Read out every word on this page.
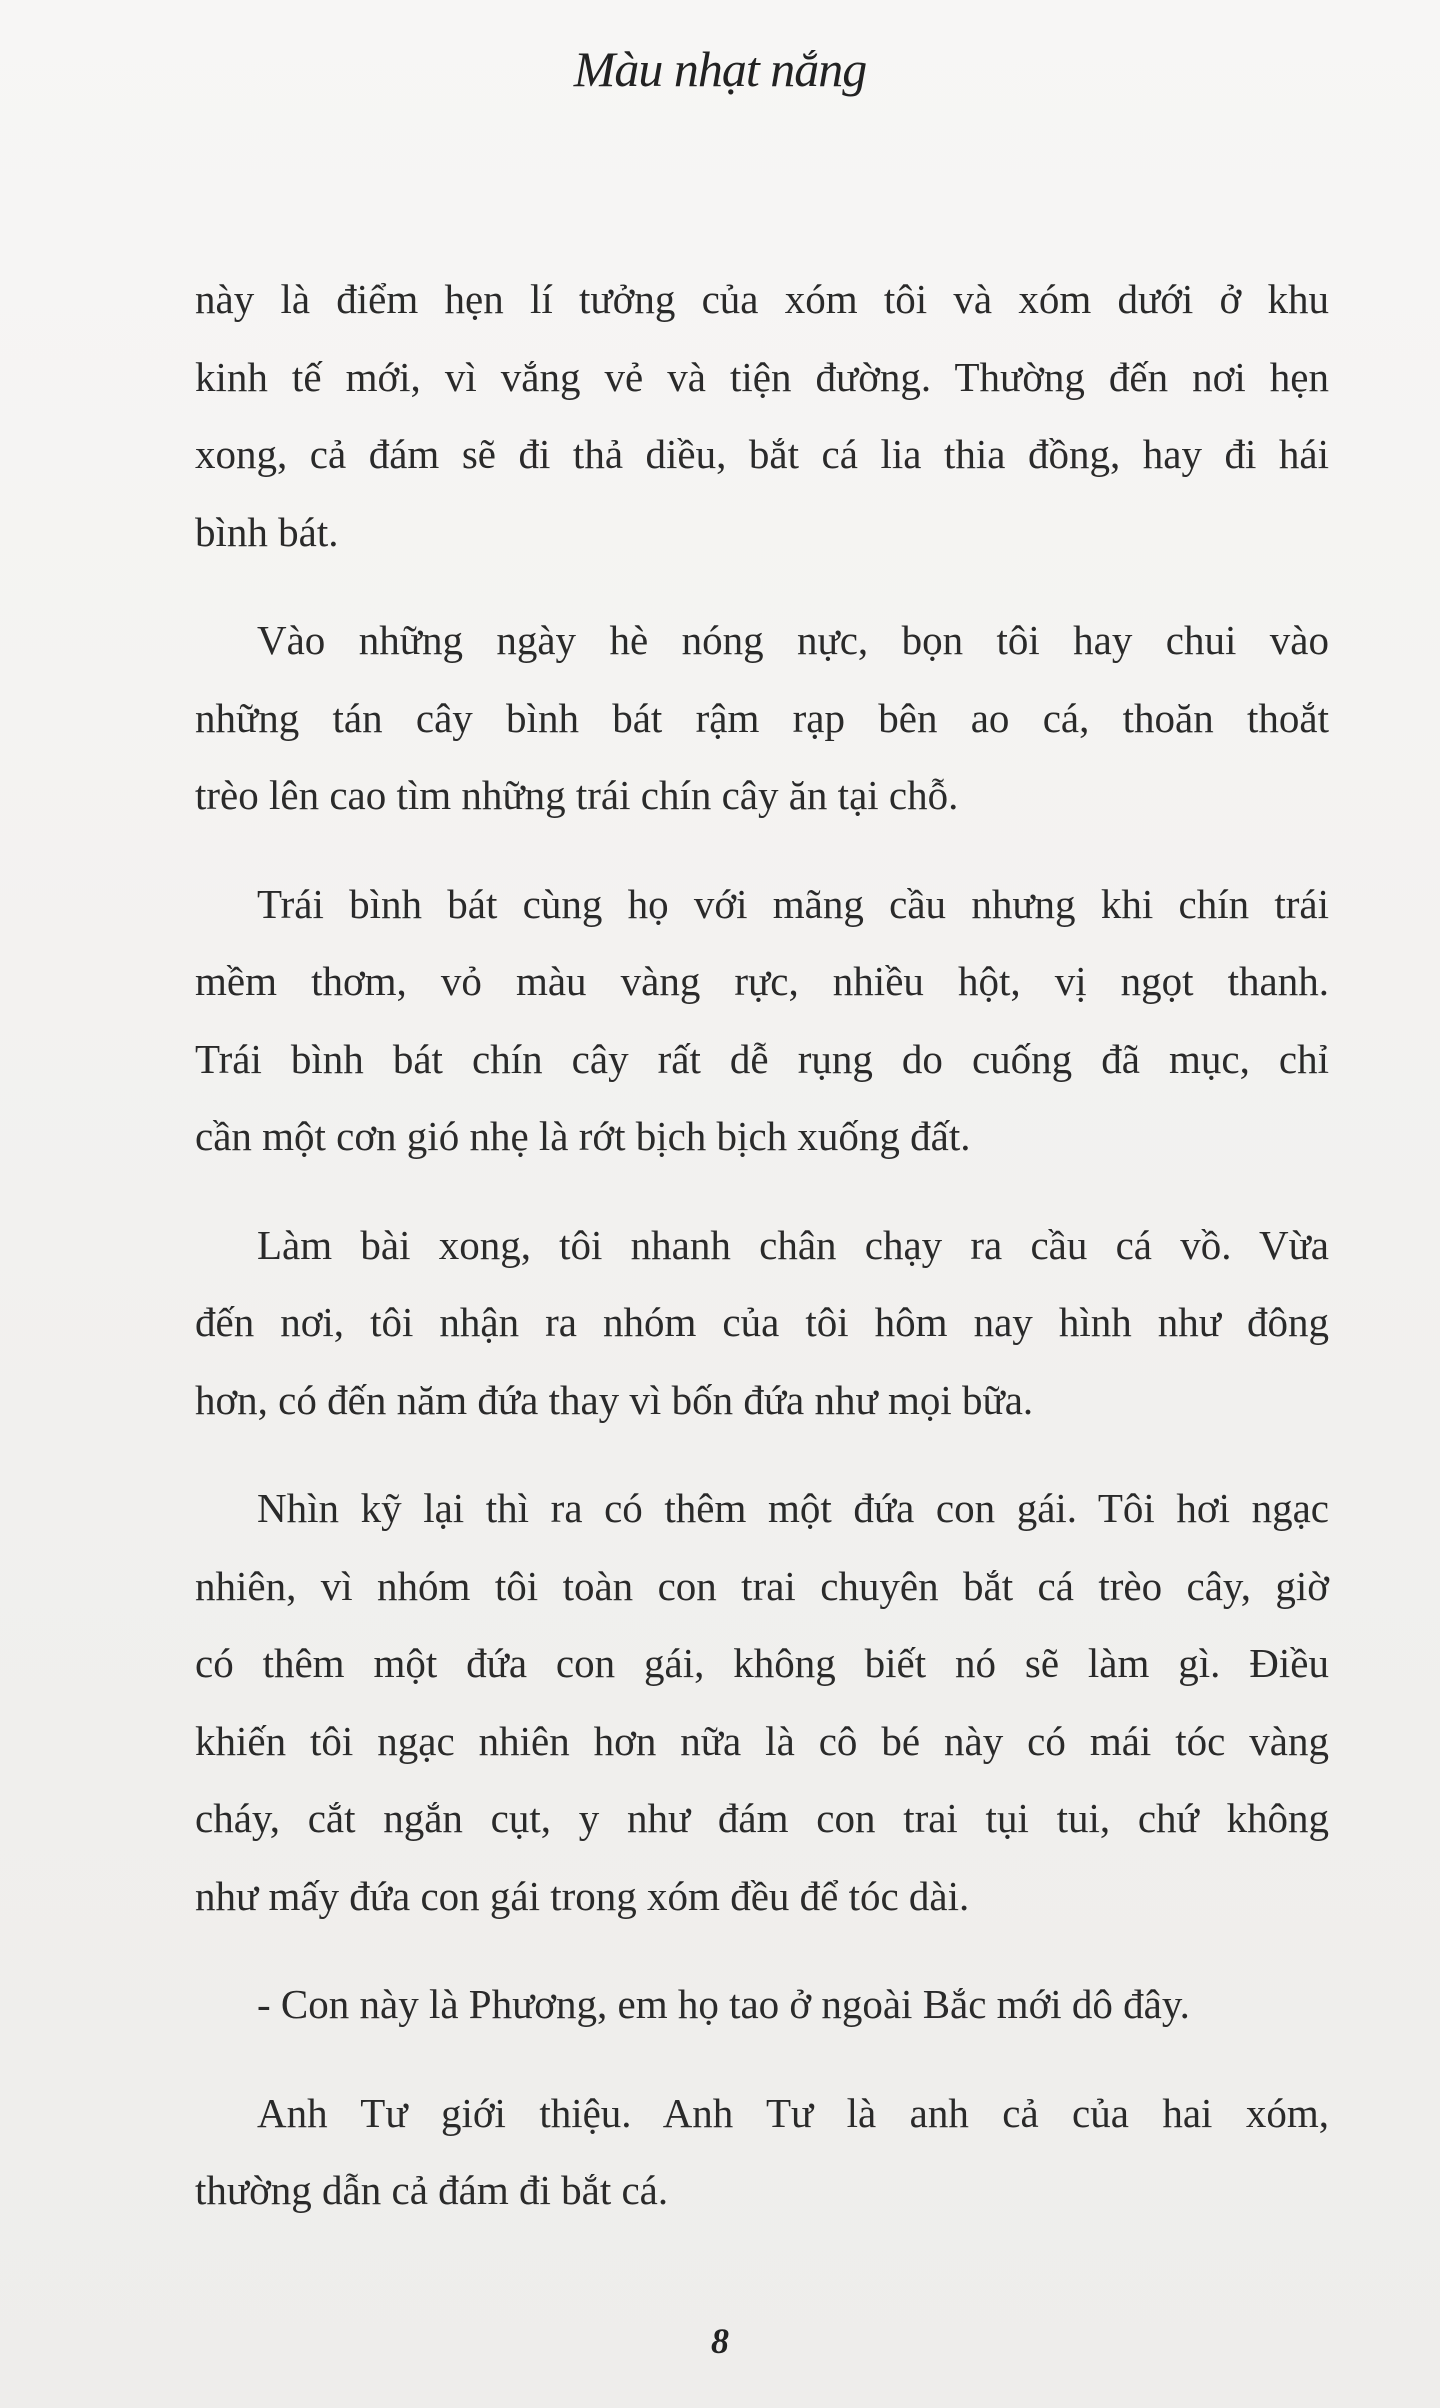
Màu nhạt nắng
này là điểm hẹn lí tưởng của xóm tôi và xóm dưới ở khu
kinh tế mới, vì vắng vẻ và tiện đường. Thường đến nơi hẹn
xong, cả đám sẽ đi thả diều, bắt cá lia thia đồng, hay đi hái
bình bát.
Vào những ngày hè nóng nực, bọn tôi hay chui vào
những tán cây bình bát rậm rạp bên ao cá, thoăn thoắt
trèo lên cao tìm những trái chín cây ăn tại chỗ.
Trái bình bát cùng họ với mãng cầu nhưng khi chín trái
mềm thơm, vỏ màu vàng rực, nhiều hột, vị ngọt thanh.
Trái bình bát chín cây rất dễ rụng do cuống đã mục, chỉ
cần một cơn gió nhẹ là rớt bịch bịch xuống đất.
Làm bài xong, tôi nhanh chân chạy ra cầu cá vồ. Vừa
đến nơi, tôi nhận ra nhóm của tôi hôm nay hình như đông
hơn, có đến năm đứa thay vì bốn đứa như mọi bữa.
Nhìn kỹ lại thì ra có thêm một đứa con gái. Tôi hơi ngạc
nhiên, vì nhóm tôi toàn con trai chuyên bắt cá trèo cây, giờ
có thêm một đứa con gái, không biết nó sẽ làm gì. Điều
khiến tôi ngạc nhiên hơn nữa là cô bé này có mái tóc vàng
cháy, cắt ngắn cụt, y như đám con trai tụi tui, chứ không
như mấy đứa con gái trong xóm đều để tóc dài.
- Con này là Phương, em họ tao ở ngoài Bắc mới dô đây.
Anh Tư giới thiệu. Anh Tư là anh cả của hai xóm,
thường dẫn cả đám đi bắt cá.
8
